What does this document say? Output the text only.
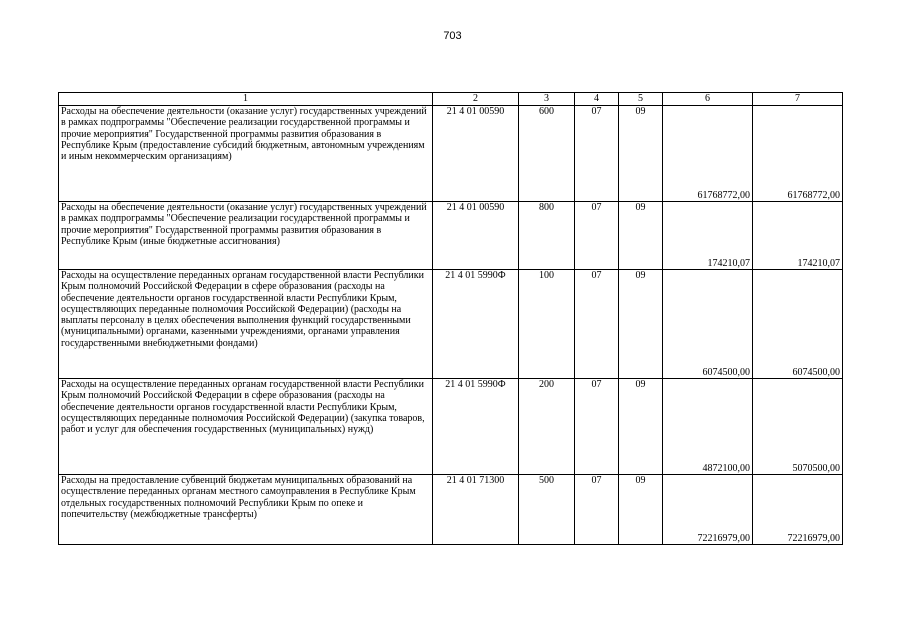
703
1	2	3	4	5	6	7
Расходы на обеспечение деятельности (оказание услуг) государственных учреждений в рамках подпрограммы "Обеспечение реализации государственной программы и прочие мероприятия" Государственной программы развития образования в Республике Крым (предоставление субсидий бюджетным, автономным учреждениям и иным некоммерческим организациям)	21 4 01 00590	600	07	09	61768772,00	61768772,00
Расходы на обеспечение деятельности (оказание услуг) государственных учреждений в рамках подпрограммы "Обеспечение реализации государственной программы и прочие мероприятия" Государственной программы развития образования в Республике Крым (иные бюджетные ассигнования)	21 4 01 00590	800	07	09	174210,07	174210,07
Расходы на осуществление переданных органам государственной власти Республики Крым полномочий Российской Федерации в сфере образования (расходы на обеспечение деятельности органов государственной власти Республики Крым, осуществляющих переданные полномочия Российской Федерации) (расходы на выплаты персоналу в целях обеспечения выполнения функций государственными (муниципальными) органами, казенными учреждениями, органами управления государственными внебюджетными фондами)	21 4 01 5990Ф	100	07	09	6074500,00	6074500,00
Расходы на осуществление переданных органам государственной власти Республики Крым полномочий Российской Федерации в сфере образования (расходы на обеспечение деятельности органов государственной власти Республики Крым, осуществляющих переданные полномочия Российской Федерации) (закупка товаров, работ и услуг для обеспечения государственных (муниципальных) нужд)	21 4 01 5990Ф	200	07	09	4872100,00	5070500,00
Расходы на предоставление субвенций бюджетам муниципальных образований на осуществление переданных органам местного самоуправления в Республике Крым отдельных государственных полномочий Республики Крым по опеке и попечительству (межбюджетные трансферты)	21 4 01 71300	500	07	09	72216979,00	72216979,00
